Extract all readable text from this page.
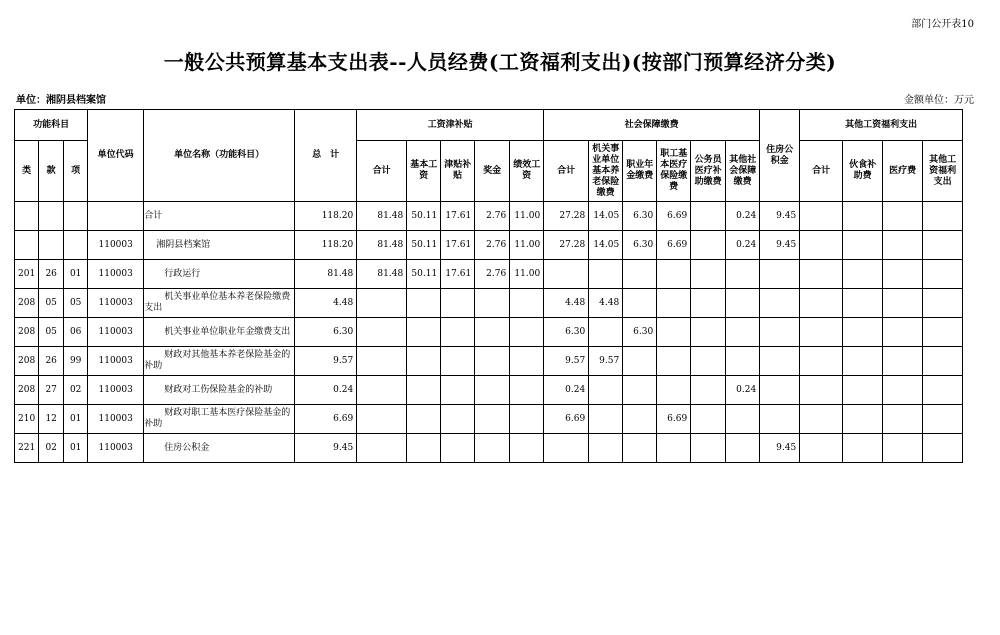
部门公开表10
一般公共预算基本支出表--人员经费(工资福利支出)(按部门预算经济分类)
单位：湘阴县档案馆	金额单位：万元
功能科目			单位代码	单位名称（功能科目）	总　计	工资津补贴					社会保障缴费						住房公积金	其他工资福利支出			
类	款	项				合计	基本工资	津贴补贴	奖金	绩效工资	合计	机关事业单位基本养老保险缴费	职业年金缴费	职工基本医疗保险缴费	公务员医疗补助缴费	其他社会保障缴费		合计	伙食补助费	医疗费	其他工资福利支出
				合计	118.20	81.48	50.11	17.61	2.76	11.00	27.28	14.05	6.30	6.69		0.24	9.45				
			110003	湘阴县档案馆	118.20	81.48	50.11	17.61	2.76	11.00	27.28	14.05	6.30	6.69		0.24	9.45				
201	26	01	110003	行政运行	81.48	81.48	50.11	17.61	2.76	11.00											
208	05	05	110003	机关事业单位基本养老保险缴费支出	4.48						4.48	4.48									
208	05	06	110003	机关事业单位职业年金缴费支出	6.30						6.30		6.30								
208	26	99	110003	财政对其他基本养老保险基金的补助	9.57						9.57	9.57									
208	27	02	110003	财政对工伤保险基金的补助	0.24						0.24					0.24					
210	12	01	110003	财政对职工基本医疗保险基金的补助	6.69						6.69			6.69							
221	02	01	110003	住房公积金	9.45												9.45				
